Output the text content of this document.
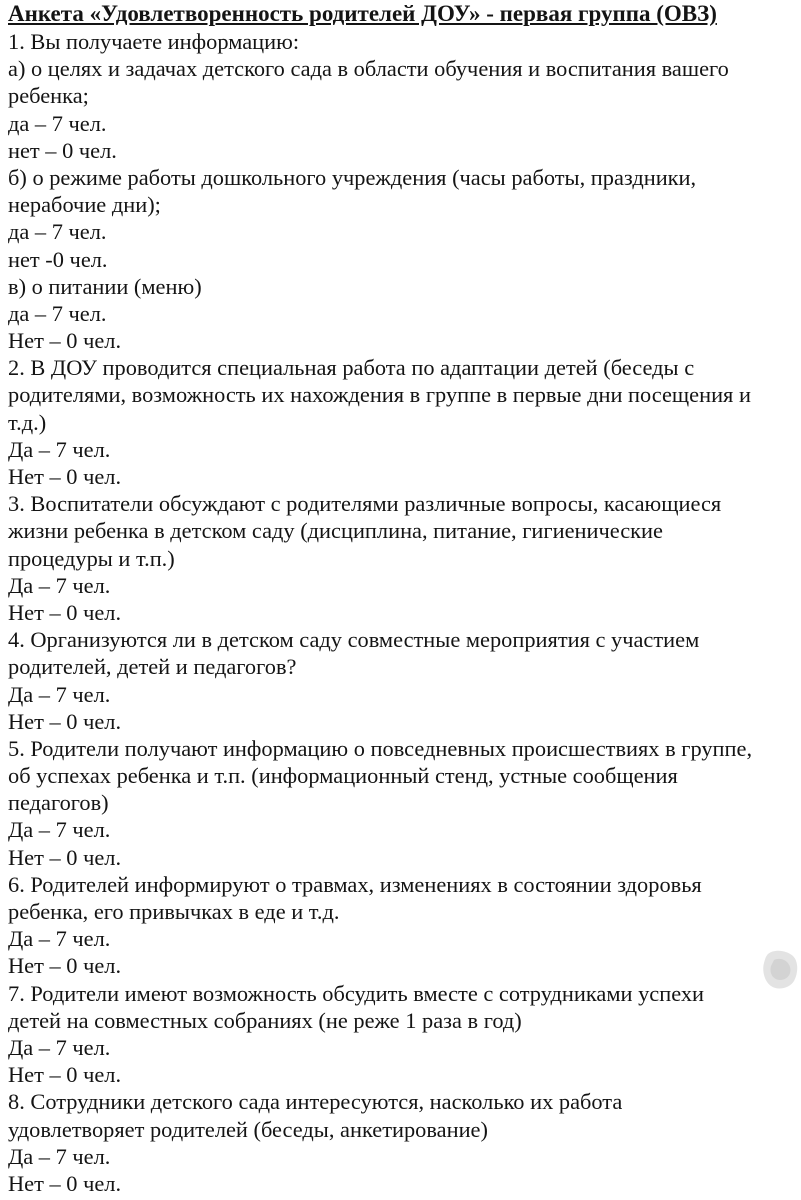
Анкета «Удовлетворенность родителей ДОУ» - первая группа (ОВЗ)
1. Вы получаете информацию:
а) о целях и задачах детского сада в области обучения и воспитания вашего
ребенка;
да – 7 чел.
нет – 0 чел.
б) о режиме работы дошкольного учреждения (часы работы, праздники,
нерабочие дни);
да – 7 чел.
нет -0 чел.
в) о питании (меню)
да – 7 чел.
Нет – 0 чел.
2. В ДОУ проводится специальная работа по адаптации детей (беседы с
родителями, возможность их нахождения в группе в первые дни посещения и
т.д.)
Да – 7 чел.
Нет – 0 чел.
3. Воспитатели обсуждают с родителями различные вопросы, касающиеся
жизни ребенка в детском саду (дисциплина, питание, гигиенические
процедуры и т.п.)
Да – 7 чел.
Нет – 0 чел.
4. Организуются ли в детском саду совместные мероприятия с участием
родителей, детей и педагогов?
Да – 7 чел.
Нет – 0 чел.
5. Родители получают информацию о повседневных происшествиях в группе,
об успехах ребенка и т.п. (информационный стенд, устные сообщения
педагогов)
Да – 7 чел.
Нет – 0 чел.
6. Родителей информируют о травмах, изменениях в состоянии здоровья
ребенка, его привычках в еде и т.д.
Да – 7 чел.
Нет – 0 чел.
7. Родители имеют возможность обсудить вместе с сотрудниками успехи
детей на совместных собраниях (не реже 1 раза в год)
Да – 7 чел.
Нет – 0 чел.
8. Сотрудники детского сада интересуются, насколько их работа
удовлетворяет родителей (беседы, анкетирование)
Да – 7 чел.
Нет – 0 чел.
